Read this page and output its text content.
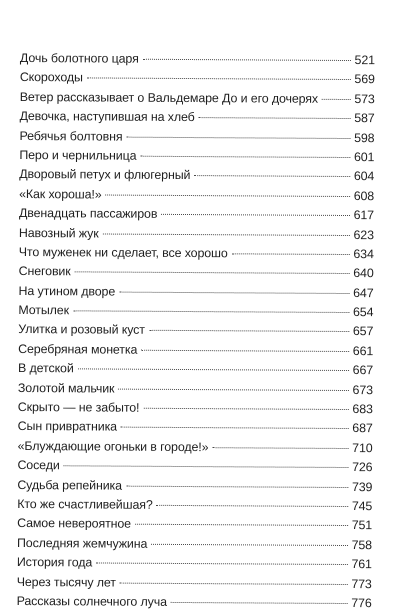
Дочь болотного царя	521
Скороходы	569
Ветер рассказывает о Вальдемаре До и его дочерях	573
Девочка, наступившая на хлеб	587
Ребячья болтовня	598
Перо и чернильница	601
Дворовый петух и флюгерный	604
«Как хороша!»	608
Двенадцать пассажиров	617
Навозный жук	623
Что муженек ни сделает, все хорошо	634
Снеговик	640
На утином дворе	647
Мотылек	654
Улитка и розовый куст	657
Серебряная монетка	661
В детской	667
Золотой мальчик	673
Скрыто — не забыто!	683
Сын привратника	687
«Блуждающие огоньки в городе!»	710
Соседи	726
Судьба репейника	739
Кто же счастливейшая?	745
Самое невероятное	751
Последняя жемчужина	758
История года	761
Через тысячу лет	773
Рассказы солнечного луча	776
